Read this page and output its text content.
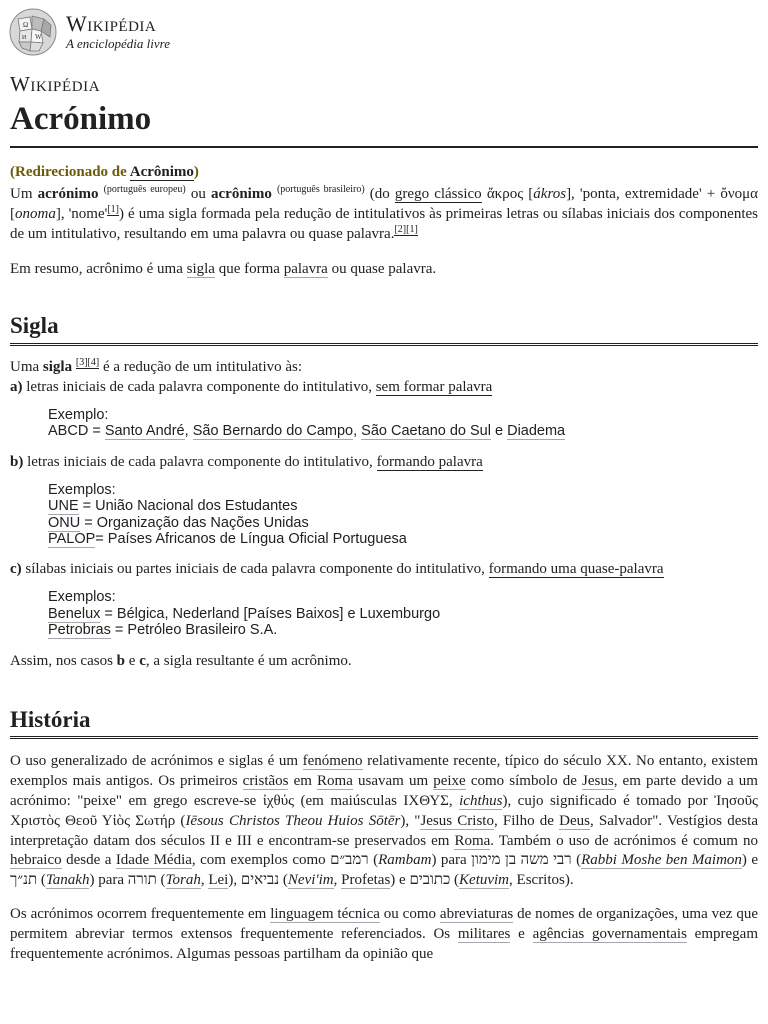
Ω
W
И
Wikipédia
A enciclopédia livre
Wikipédia
Acrónimo
(Redirecionado de Acrônimo)

Um acrónimo $^{(português europeu)}$ ou acrônimo $^{(português brasileiro)}$ (do grego clássico ἄκρος [ákros], 'ponta, extremidade' + ὄνομα [onoma], 'nome'[1]) é uma sigla formada pela redução de intitulativos às primeiras letras ou sílabas iniciais dos componentes de um intitulativo, resultando em uma palavra ou quase palavra.[2][1]

Em resumo, acrônimo é uma sigla que forma palavra ou quase palavra.

Sigla

Uma sigla [3][4] é a redução de um intitulativo às:

a) letras iniciais de cada palavra componente do intitulativo, sem formar palavra

Exemplo:
ABCD = Santo André, São Bernardo do Campo, São Caetano do Sul e Diadema

b) letras iniciais de cada palavra componente do intitulativo, formando palavra

Exemplos:
UNE = União Nacional dos Estudantes
ONU = Organização das Nações Unidas
PALOP= Países Africanos de Língua Oficial Portuguesa

c) sílabas iniciais ou partes iniciais de cada palavra componente do intitulativo, formando uma quase-palavra

Exemplos:
Benelux = Bélgica, Nederland [Países Baixos] e Luxemburgo
Petrobras = Petróleo Brasileiro S.A.

Assim, nos casos b e c, a sigla resultante é um acrônimo.

História

O uso generalizado de acrónimos e siglas é um fenómeno relativamente recente, típico do século XX. No entanto, existem exemplos mais antigos. Os primeiros cristãos em Roma usavam um peixe como símbolo de Jesus, em parte devido a um acrónimo: "peixe" em grego escreve-se ἰχθύς (em maiúsculas ΙΧΘΥΣ, ichthus), cujo significado é tomado por Ἰησοῦς Χριστὸς Θεοῦ Υἱὸς Σωτήρ (Iēsous Christos Theou Huios Sōtēr), "Jesus Cristo, Filho de Deus, Salvador". Vestígios desta interpretação datam dos séculos II e III e encontram-se preservados em Roma. Também o uso de acrónimos é comum no hebraico desde a Idade Média, com exemplos como רמב״ם (Rambam) para רבי משה בן מימון (Rabbi Moshe ben Maimon) e תנ״ך (Tanakh) para תורה (Torah, Lei), נביאים (Nevi'im, Profetas) e כתובים (Ketuvim, Escritos).

Os acrónimos ocorrem frequentemente em linguagem técnica ou como abreviaturas de nomes de organizações, uma vez que permitem abreviar termos extensos frequentemente referenciados. Os militares e agências governamentais empregam frequentemente acrónimos. Algumas pessoas partilham da opinião que
